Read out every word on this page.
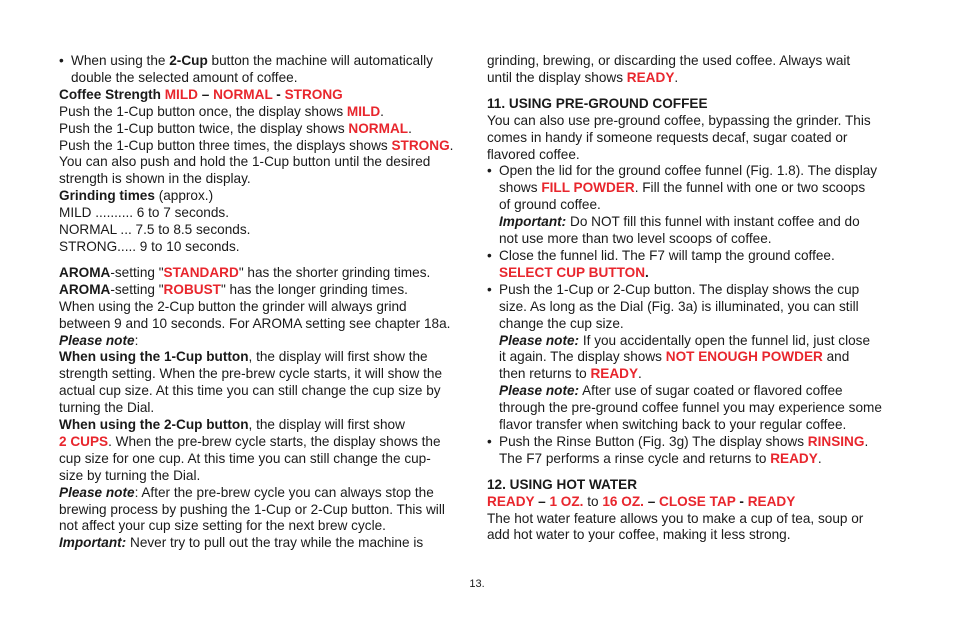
• When using the 2-Cup button the machine will automatically
double the selected amount of coffee.
Coffee Strength MILD – NORMAL - STRONG
Push the 1-Cup button once, the display shows MILD.
Push the 1-Cup button twice, the display shows NORMAL.
Push the 1-Cup button three times, the displays shows STRONG.
You can also push and hold the 1-Cup button until the desired
strength is shown in the display.
Grinding times (approx.)
MILD .......... 6 to 7 seconds.
NORMAL ... 7.5 to 8.5 seconds.
STRONG..... 9 to 10 seconds.
AROMA-setting "STANDARD" has the shorter grinding times.
AROMA-setting "ROBUST" has the longer grinding times.
When using the 2-Cup button the grinder will always grind
between 9 and 10 seconds. For AROMA setting see chapter 18a.
Please note:
When using the 1-Cup button, the display will first show the
strength setting. When the pre-brew cycle starts, it will show the
actual cup size. At this time you can still change the cup size by
turning the Dial.
When using the 2-Cup button, the display will first show
2 CUPS. When the pre-brew cycle starts, the display shows the
cup size for one cup. At this time you can still change the cup-
size by turning the Dial.
Please note: After the pre-brew cycle you can always stop the
brewing process by pushing the 1-Cup or 2-Cup button. This will
not affect your cup size setting for the next brew cycle.
Important: Never try to pull out the tray while the machine is
grinding, brewing, or discarding the used coffee. Always wait
until the display shows READY.
11. USING PRE-GROUND COFFEE
You can also use pre-ground coffee, bypassing the grinder. This
comes in handy if someone requests decaf, sugar coated or
flavored coffee.
• Open the lid for the ground coffee funnel (Fig. 1.8). The display
shows FILL POWDER. Fill the funnel with one or two scoops
of ground coffee.
Important: Do NOT fill this funnel with instant coffee and do
not use more than two level scoops of coffee.
• Close the funnel lid. The F7 will tamp the ground coffee.
SELECT CUP BUTTON.
• Push the 1-Cup or 2-Cup button. The display shows the cup
size. As long as the Dial (Fig. 3a) is illuminated, you can still
change the cup size.
Please note: If you accidentally open the funnel lid, just close
it again. The display shows NOT ENOUGH POWDER and
then returns to READY.
Please note: After use of sugar coated or flavored coffee
through the pre-ground coffee funnel you may experience some
flavor transfer when switching back to your regular coffee.
• Push the Rinse Button (Fig. 3g) The display shows RINSING.
The F7 performs a rinse cycle and returns to READY.
12. USING HOT WATER
READY – 1 OZ. to 16 OZ. – CLOSE TAP - READY
The hot water feature allows you to make a cup of tea, soup or
add hot water to your coffee, making it less strong.
13.
